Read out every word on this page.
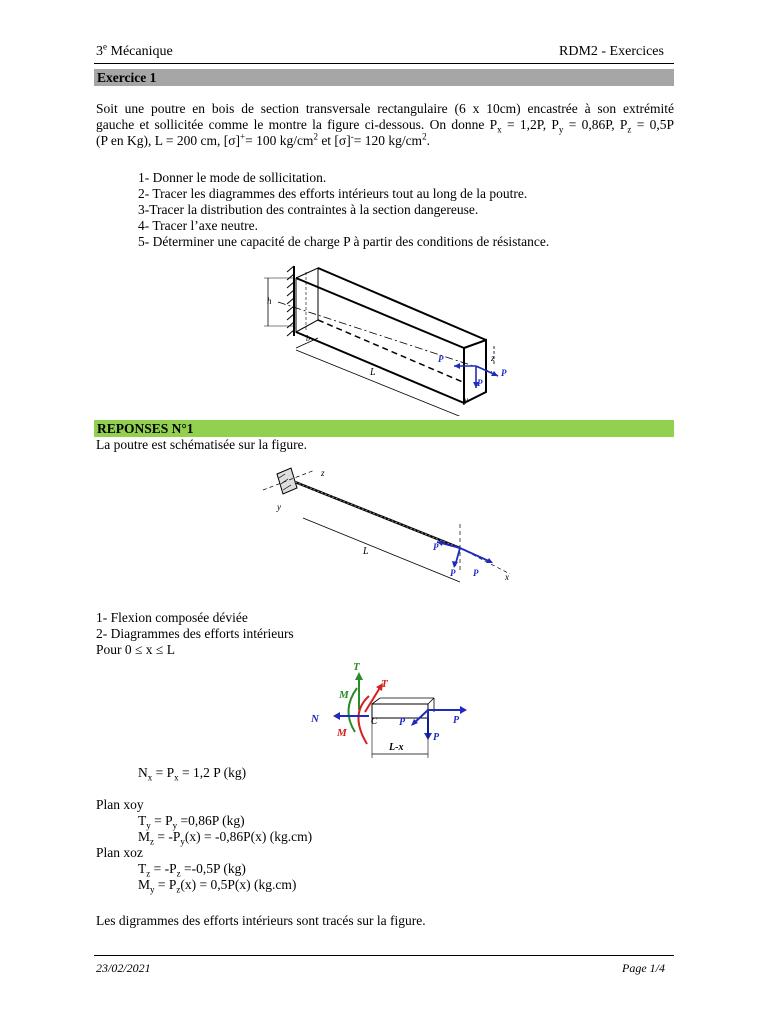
3e Mécanique	RDM2 - Exercices
Exercice 1
Soit une poutre en bois de section transversale rectangulaire (6 x 10cm) encastrée à son extrémité
gauche et sollicitée comme le montre la figure ci-dessous. On donne $P_x = 1,2P$, $P_y = 0,86P$, $P_z = 0,5P$
(P en Kg), L = 200 cm, [σ]+= 100 $kg/cm^2$ et [σ]-= 120 $kg/cm^2$.
1- Donner le mode de sollicitation.
2- Tracer les diagrammes des efforts intérieurs tout au long de la poutre.
3-Tracer la distribution des contraintes à la section dangereuse.
4- Tracer l’axe neutre.
5- Déterminer une capacité de charge P à partir des conditions de résistance.
h
b
L
z
y
P
P
P
REPONSES N°1
La poutre est schématisée sur la figure.
z
y
x
L	P
P P
1- Flexion composée déviée
2- Diagrammes des efforts intérieurs
Pour 0 ≤ x ≤ L
T
M
T
M
N	C	P
P
P
L-x
$N_x = P_x = 1,2$ P (kg)
Plan xoy
$T_y = P_y =0,86P$ (kg)
$M_z = -P_y(x) = -0,86P(x)$ (kg.cm)
Plan xoz
$T_z = -P_z =-0,5P$ (kg)
$M_y = P_z(x) = 0,5P(x)$ (kg.cm)
Les digrammes des efforts intérieurs sont tracés sur la figure.
23/02/2021	Page 1/4
